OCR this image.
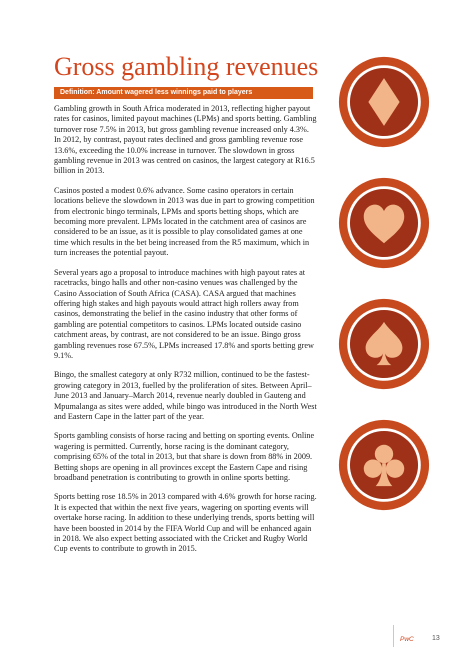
Gross gambling revenues
Definition: Amount wagered less winnings paid to players

Gambling growth in South Africa moderated in 2013, reflecting higher payout rates for casinos, limited payout machines (LPMs) and sports betting. Gambling turnover rose 7.5% in 2013, but gross gambling revenue increased only 4.3%. In 2012, by contrast, payout rates declined and gross gambling revenue rose 13.6%, exceeding the 10.0% increase in turnover. The slowdown in gross gambling revenue in 2013 was centred on casinos, the largest category at R16.5 billion in 2013.

Casinos posted a modest 0.6% advance. Some casino operators in certain locations believe the slowdown in 2013 was due in part to growing competition from electronic bingo terminals, LPMs and sports betting shops, which are becoming more prevalent. LPMs located in the catchment area of casinos are considered to be an issue, as it is possible to play consolidated games at one time which results in the bet being increased from the R5 maximum, which in turn increases the potential payout.

Several years ago a proposal to introduce machines with high payout rates at racetracks, bingo halls and other non-casino venues was challenged by the Casino Association of South Africa (CASA). CASA argued that machines offering high stakes and high payouts would attract high rollers away from casinos, demonstrating the belief in the casino industry that other forms of gambling are potential competitors to casinos. LPMs located outside casino catchment areas, by contrast, are not considered to be an issue. Bingo gross gambling revenues rose 67.5%, LPMs increased 17.8% and sports betting grew 9.1%.

Bingo, the smallest category at only R732 million, continued to be the fastest-growing category in 2013, fuelled by the proliferation of sites. Between April–June 2013 and January–March 2014, revenue nearly doubled in Gauteng and Mpumalanga as sites were added, while bingo was introduced in the North West and Eastern Cape in the latter part of the year.

Sports gambling consists of horse racing and betting on sporting events. Online wagering is permitted. Currently, horse racing is the dominant category, comprising 65% of the total in 2013, but that share is down from 88% in 2009. Betting shops are opening in all provinces except the Eastern Cape and rising broadband penetration is contributing to growth in online sports betting.

Sports betting rose 18.5% in 2013 compared with 4.6% growth for horse racing. It is expected that within the next five years, wagering on sporting events will overtake horse racing. In addition to these underlying trends, sports betting will have been boosted in 2014 by the FIFA World Cup and will be enhanced again in 2018. We also expect betting associated with the Cricket and Rugby World Cup events to contribute to growth in 2015.

PwC	13
